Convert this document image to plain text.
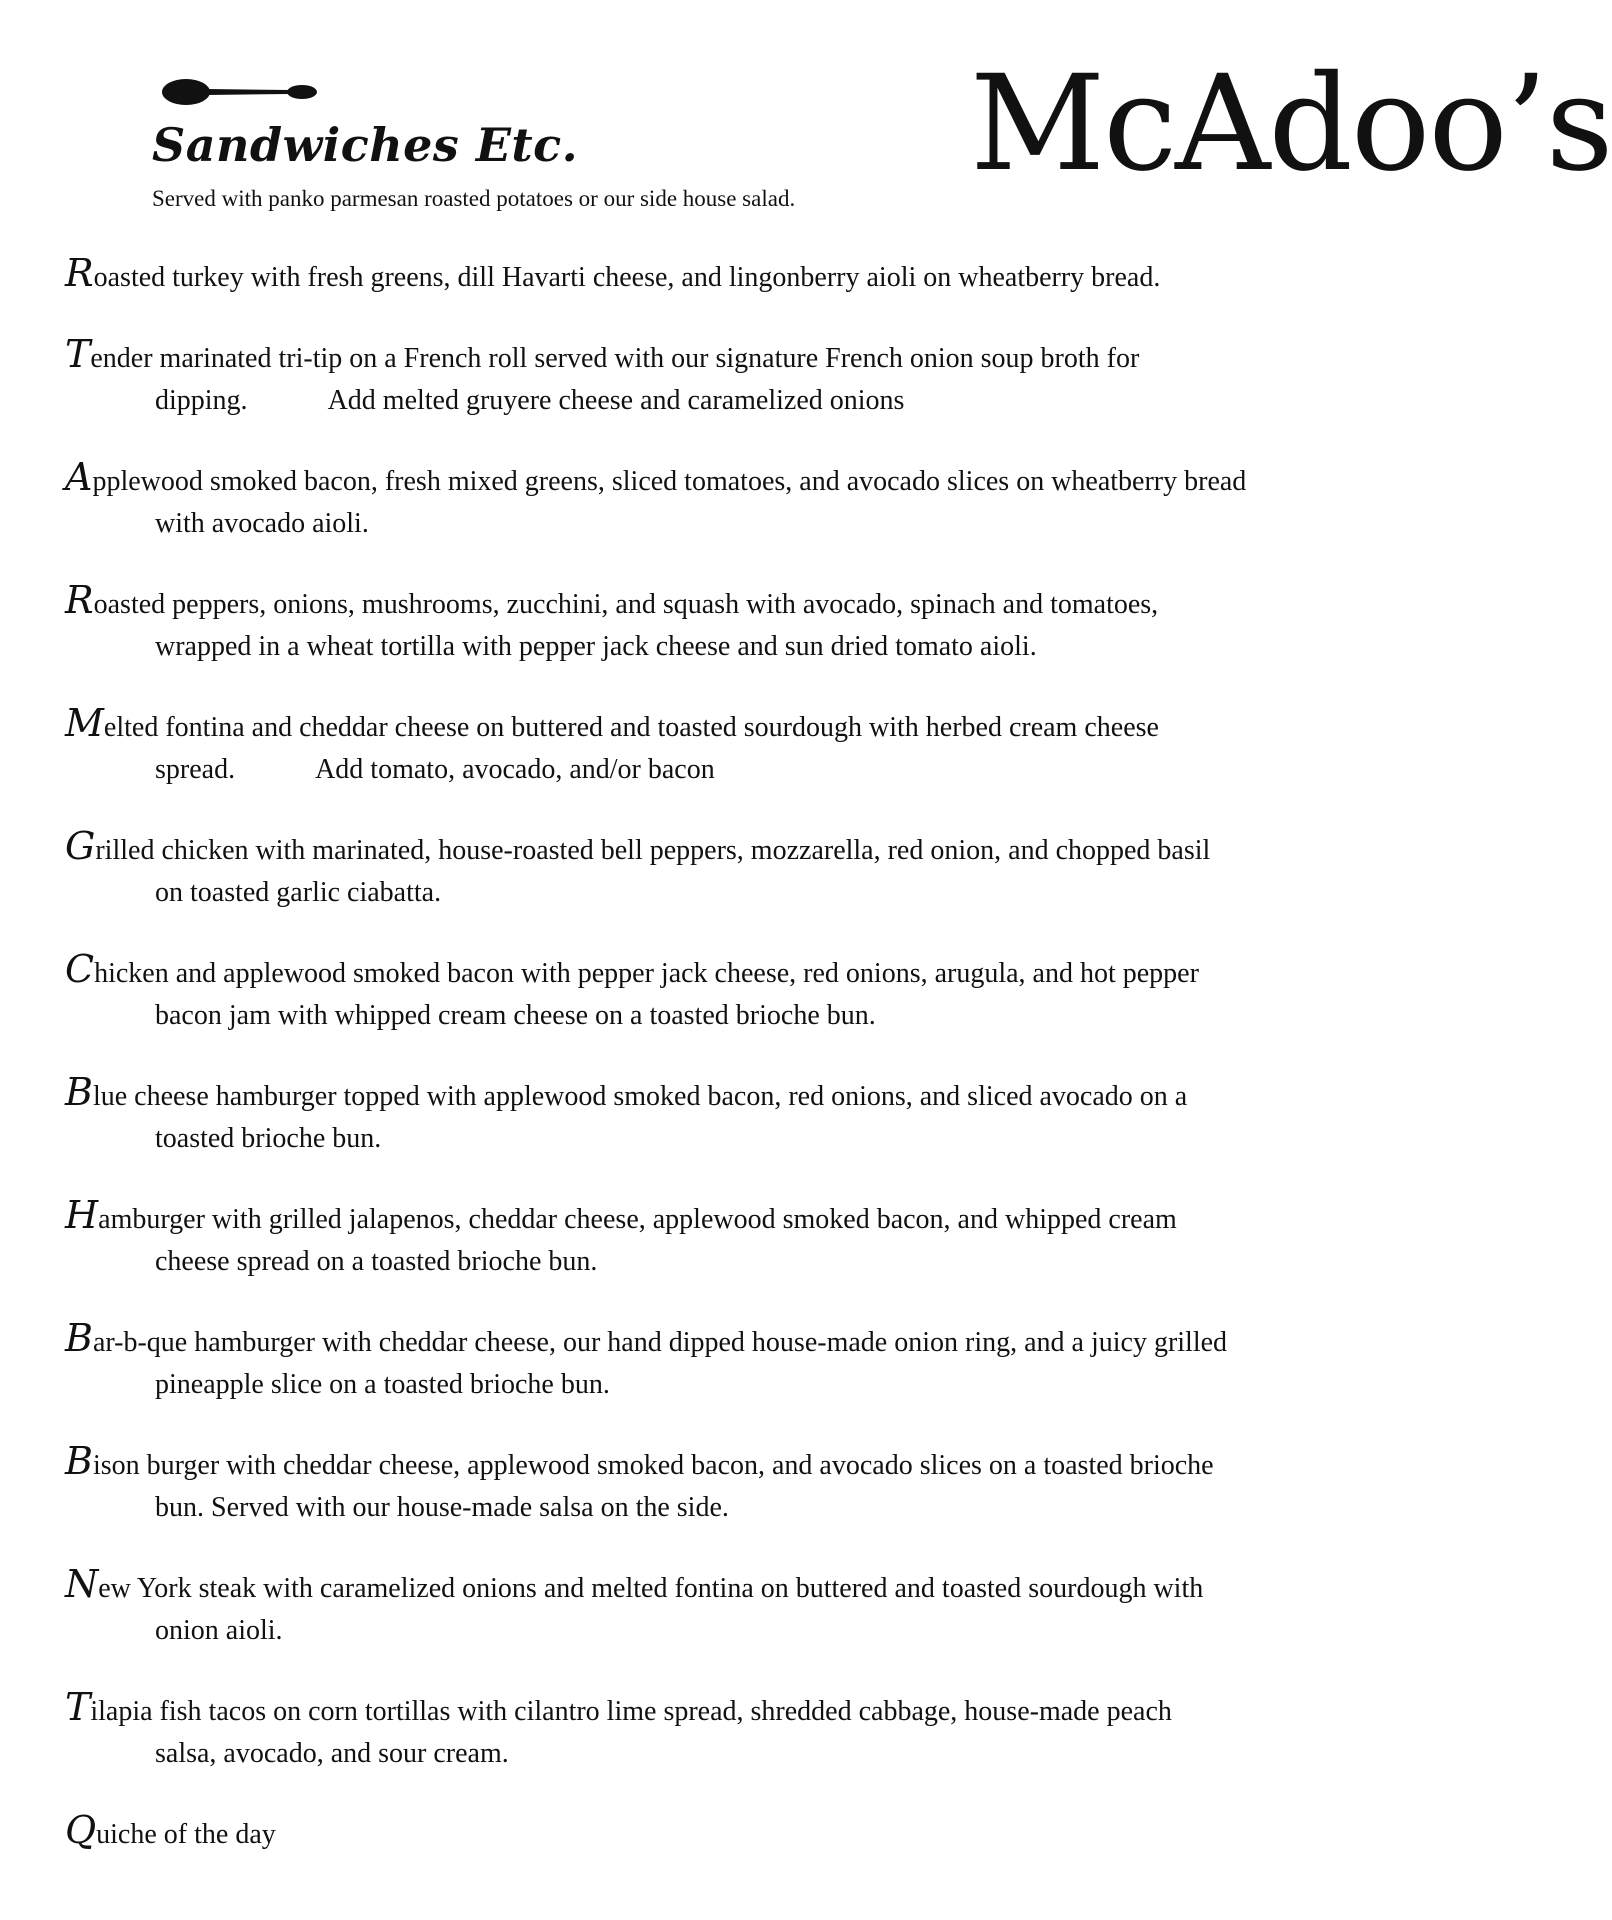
Sandwiches Etc.
Served with panko parmesan roasted potatoes or our side house salad. McAdoo’s
Roasted turkey with fresh greens, dill Havarti cheese, and lingonberry aioli on wheatberry bread.
Tender marinated tri-tip on a French roll served with our signature French onion soup broth for
dipping.	Add melted gruyere cheese and caramelized onions
Applewood smoked bacon, fresh mixed greens, sliced tomatoes, and avocado slices on wheatberry bread
with avocado aioli.
Roasted peppers, onions, mushrooms, zucchini, and squash with avocado, spinach and tomatoes,
wrapped in a wheat tortilla with pepper jack cheese and sun dried tomato aioli.
Melted fontina and cheddar cheese on buttered and toasted sourdough with herbed cream cheese
spread.	Add tomato, avocado, and/or bacon
Grilled chicken with marinated, house-roasted bell peppers, mozzarella, red onion, and chopped basil
on toasted garlic ciabatta.
Chicken and applewood smoked bacon with pepper jack cheese, red onions, arugula, and hot pepper
bacon jam with whipped cream cheese on a toasted brioche bun.
Blue cheese hamburger topped with applewood smoked bacon, red onions, and sliced avocado on a
toasted brioche bun.
Hamburger with grilled jalapenos, cheddar cheese, applewood smoked bacon, and whipped cream
cheese spread on a toasted brioche bun.
Bar-b-que hamburger with cheddar cheese, our hand dipped house-made onion ring, and a juicy grilled
pineapple slice on a toasted brioche bun.
Bison burger with cheddar cheese, applewood smoked bacon, and avocado slices on a toasted brioche
bun. Served with our house-made salsa on the side.
New York steak with caramelized onions and melted fontina on buttered and toasted sourdough with
onion aioli.
Tilapia fish tacos on corn tortillas with cilantro lime spread, shredded cabbage, house-made peach
salsa, avocado, and sour cream.
Quiche of the day
